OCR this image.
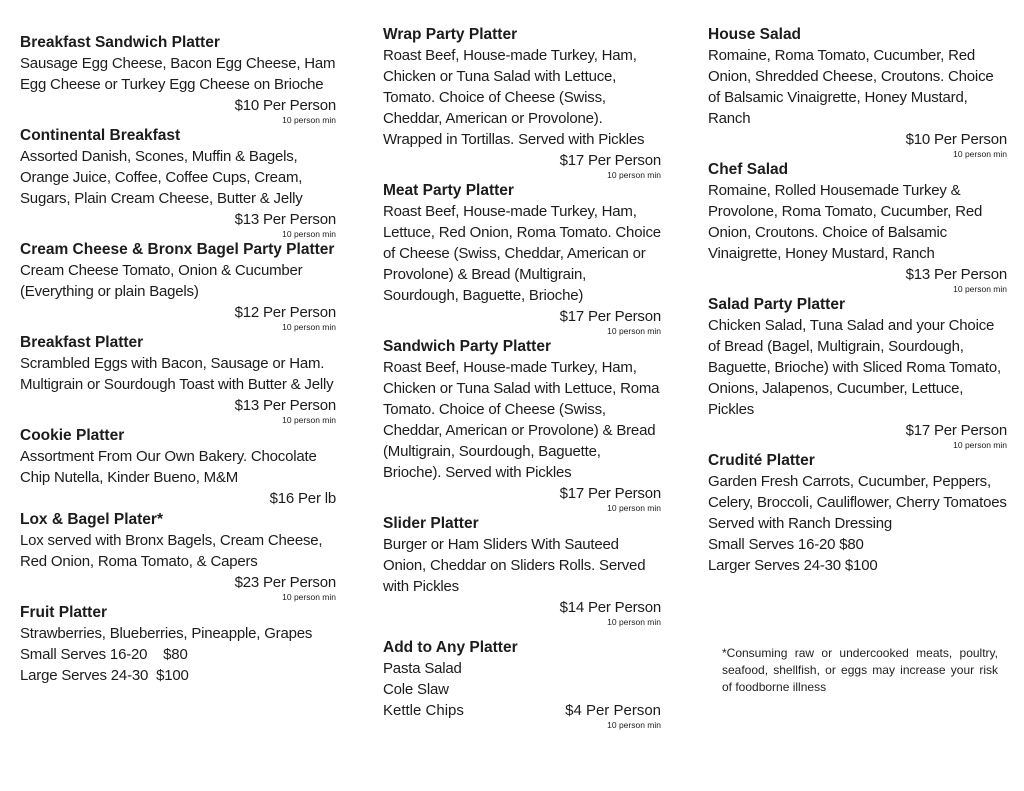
Breakfast Sandwich Platter
Sausage Egg Cheese, Bacon Egg Cheese, Ham Egg Cheese or Turkey Egg Cheese on Brioche
$10 Per Person
10 person min
Continental Breakfast
Assorted Danish, Scones, Muffin & Bagels, Orange Juice, Coffee, Coffee Cups, Cream, Sugars, Plain Cream Cheese, Butter & Jelly
$13 Per Person
10 person min
Cream Cheese & Bronx Bagel Party Platter
Cream Cheese Tomato, Onion & Cucumber (Everything or plain Bagels)
$12 Per Person
10 person min
Breakfast Platter
Scrambled Eggs with Bacon, Sausage or Ham. Multigrain or Sourdough Toast with Butter & Jelly
$13 Per Person
10 person min
Cookie Platter
Assortment From Our Own Bakery. Chocolate Chip Nutella, Kinder Bueno, M&M
$16 Per lb
Lox & Bagel Plater*
Lox served with Bronx Bagels, Cream Cheese, Red Onion, Roma Tomato, & Capers
$23 Per Person
10 person min
Fruit Platter
Strawberries, Blueberries, Pineapple, Grapes
Small Serves 16-20    $80
Large Serves 24-30  $100
Wrap Party Platter
Roast Beef, House-made Turkey, Ham, Chicken or Tuna Salad with Lettuce, Tomato. Choice of Cheese (Swiss, Cheddar, American or Provolone). Wrapped in Tortillas. Served with Pickles
$17 Per Person
10 person min
Meat Party Platter
Roast Beef, House-made Turkey, Ham, Lettuce, Red Onion, Roma Tomato. Choice of Cheese (Swiss, Cheddar, American or Provolone) & Bread (Multigrain, Sourdough, Baguette, Brioche)
$17 Per Person
10 person min
Sandwich Party Platter
Roast Beef, House-made Turkey, Ham, Chicken or Tuna Salad with Lettuce, Roma Tomato. Choice of Cheese (Swiss, Cheddar, American or Provolone) & Bread (Multigrain, Sourdough, Baguette, Brioche). Served with Pickles
$17 Per Person
10 person min
Slider Platter
Burger or Ham Sliders With Sauteed Onion, Cheddar on Sliders Rolls. Served with Pickles
$14 Per Person
10 person min
Add to Any Platter
Pasta Salad
Cole Slaw
Kettle Chips	$4 Per Person
10 person min
House Salad
Romaine, Roma Tomato, Cucumber, Red Onion, Shredded Cheese, Croutons. Choice of Balsamic Vinaigrette, Honey Mustard, Ranch
$10 Per Person
10 person min
Chef Salad
Romaine, Rolled Housemade Turkey & Provolone, Roma Tomato, Cucumber, Red Onion, Croutons. Choice of Balsamic Vinaigrette, Honey Mustard, Ranch
$13 Per Person
10 person min
Salad Party Platter
Chicken Salad, Tuna Salad and your Choice of Bread (Bagel, Multigrain, Sourdough, Baguette, Brioche) with Sliced Roma Tomato, Onions, Jalapenos, Cucumber, Lettuce, Pickles
$17 Per Person
10 person min
Crudité Platter
Garden Fresh Carrots, Cucumber, Peppers, Celery, Broccoli, Cauliflower, Cherry Tomatoes Served with Ranch Dressing
Small Serves 16-20 $80
Larger Serves 24-30 $100
*Consuming raw or undercooked meats, poultry, seafood, shellfish, or eggs may increase your risk of foodborne illness
